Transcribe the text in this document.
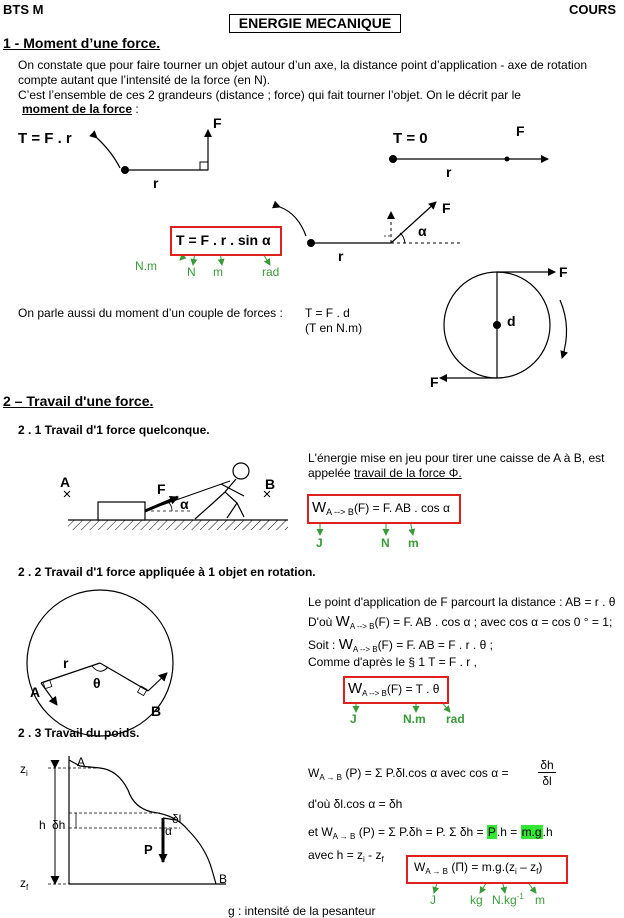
BTS M	COURS
ENERGIE MECANIQUE
1 - Moment d’une force.
On constate que pour faire tourner un objet autour d’un axe, la distance point d’application - axe de rotation
compte autant que l’intensité de la force (en N).
C’est l’ensemble de ces 2 grandeurs (distance ; force) qui fait tourner l’objet. On le décrit par le
moment de la force :
T = F . r	T = 0
F
r
F
r
T = F . r . sin α
N.m	N m	rad
F
α
r
F
d
F
On parle aussi du moment d’un couple de forces : T = F . d
(T en N.m)
2 – Travail d'une force.
2 . 1 Travail d'1 force quelconque.
L'énergie mise en jeu pour tirer une caisse de A à B, est
appelée travail de la force Φ.
A	B
F
α	$W_{A --> B}(F) = F$. AB . cos α
J	N m
2 . 2 Travail d'1 force appliquée à 1 objet en rotation.
Le point d'application de F parcourt la distance : AB = r . θ
D'où $W_{A --> B}(F) = F$. AB . cos α ; avec cos α = cos 0 ° = 1;
Soit : $W_{A --> B}(F) = F$. AB = F . r . θ ;
Comme d'après le § 1 T = F . r ,
$W_{A --> B}(F) = T$ . θ
J	N.m rad
r
θ
A
B
2 . 3 Travail du poids.
$z_i$
$z_f$
A
B
h δh	δl
α
P
$W_{A \to B}$ (P) = Σ P.δl.cos α avec cos α =
δh
δl
d'où δl.cos α = δh
et $W_{A \to B}$ (P) = Σ P.δh = P. Σ δh = P.h = m.g.h
avec $h = z_i - z_f$
$W_{A \to B}$ $(\Pi) = m.g.(z_i - z_f)$
J	kg $N.kg^{-1}$ m
g : intensité de la pesanteur
